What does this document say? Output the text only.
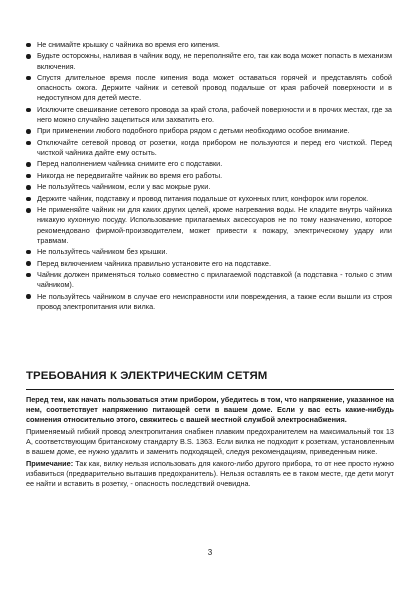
Не снимайте крышку с чайника во время его кипения.
Будьте осторожны, наливая в чайник воду, не переполняйте его, так как вода может попасть в механизм включения.
Спустя длительное время после кипения вода может оставаться горячей и представлять собой опасность ожога. Держите чайник и сетевой провод подальше от края рабочей поверхности и в недоступном для детей месте.
Исключите свешивание сетевого провода за край стола, рабочей поверхности и в прочих местах, где за него можно случайно зацепиться или захватить его.
При применении любого подобного прибора рядом с детьми необходимо особое внимание.
Отключайте сетевой провод от розетки, когда прибором не пользуются и перед его чисткой. Перед чисткой чайника дайте ему остыть.
Перед наполнением чайника снимите его с подставки.
Никогда не передвигайте чайник во время его работы.
Не пользуйтесь чайником, если у вас мокрые руки.
Держите чайник, подставку и провод питания подальше от кухонных плит, конфорок или горелок.
Не применяйте чайник ни для каких других целей, кроме нагревания воды. Не кладите внутрь чайника никакую кухонную посуду. Использование прилагаемых аксессуаров не по тому назначению, которое рекомендовано фирмой-производителем, может привести к пожару, электрическому удару или травмам.
Не пользуйтесь чайником без крышки.
Перед включением чайника правильно установите его на подставке.
Чайник должен применяться только совместно с прилагаемой подставкой (а подставка - только с этим чайником).
Не пользуйтесь чайником в случае его неисправности или повреждения, а также если вышли из строя провод электропитания или вилка.
ТРЕБОВАНИЯ К ЭЛЕКТРИЧЕСКИМ СЕТЯМ

Перед тем, как начать пользоваться этим прибором, убедитесь в том, что напряжение, указанное на нем, соответствует напряжению питающей сети в вашем доме. Если у вас есть какие-нибудь сомнения относительно этого, свяжитесь с вашей местной службой электроснабжения.

Применяемый гибкий провод электропитания снабжен плавким предохранителем на максимальный ток 13 А, соответствующим британскому стандарту B.S. 1363. Если вилка не подходит к розеткам, установленным в вашем доме, ее нужно удалить и заменить подходящей, следуя рекомендациям, приведенным ниже.

Примечание: Так как, вилку нельзя использовать для какого-либо другого прибора, то от нее просто нужно избавиться (предварительно выташив предохранитель). Нельзя оставлять ее в таком месте, где дети могут ее найти и вставить в розетку, - опасность последствий очевидна.

3
